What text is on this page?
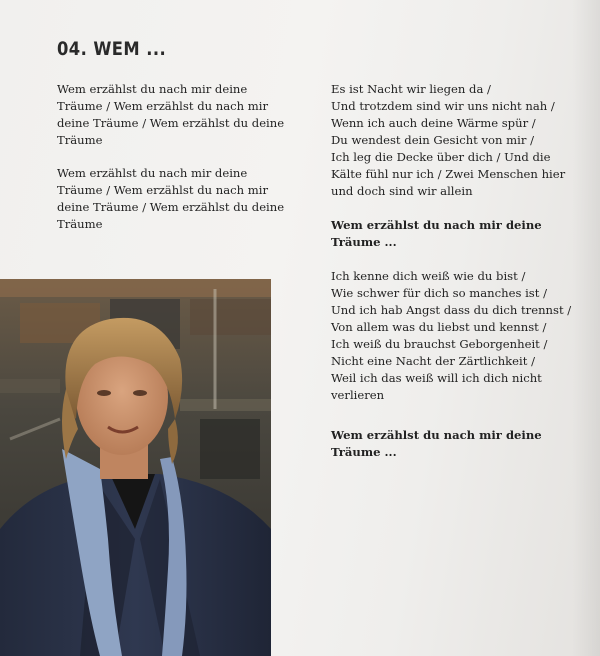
04. WEM ...
Wem erzählst du nach mir deine
Träume / Wem erzählst du nach mir
deine Träume / Wem erzählst du deine
Träume
Wem erzählst du nach mir deine
Träume / Wem erzählst du nach mir
deine Träume / Wem erzählst du deine
Träume
Es ist Nacht wir liegen da /
Und trotzdem sind wir uns nicht nah /
Wenn ich auch deine Wärme spür /
Du wendest dein Gesicht von mir /
Ich leg die Decke über dich / Und die
Kälte fühl nur ich / Zwei Menschen hier
und doch sind wir allein
Wem erzählst du nach mir deine
Träume ...
Ich kenne dich weiß wie du bist /
Wie schwer für dich so manches ist /
Und ich hab Angst dass du dich trennst /
Von allem was du liebst und kennst /
Ich weiß du brauchst Geborgenheit /
Nicht eine Nacht der Zärtlichkeit /
Weil ich das weiß will ich dich nicht
verlieren
Wem erzählst du nach mir deine
Träume ...
